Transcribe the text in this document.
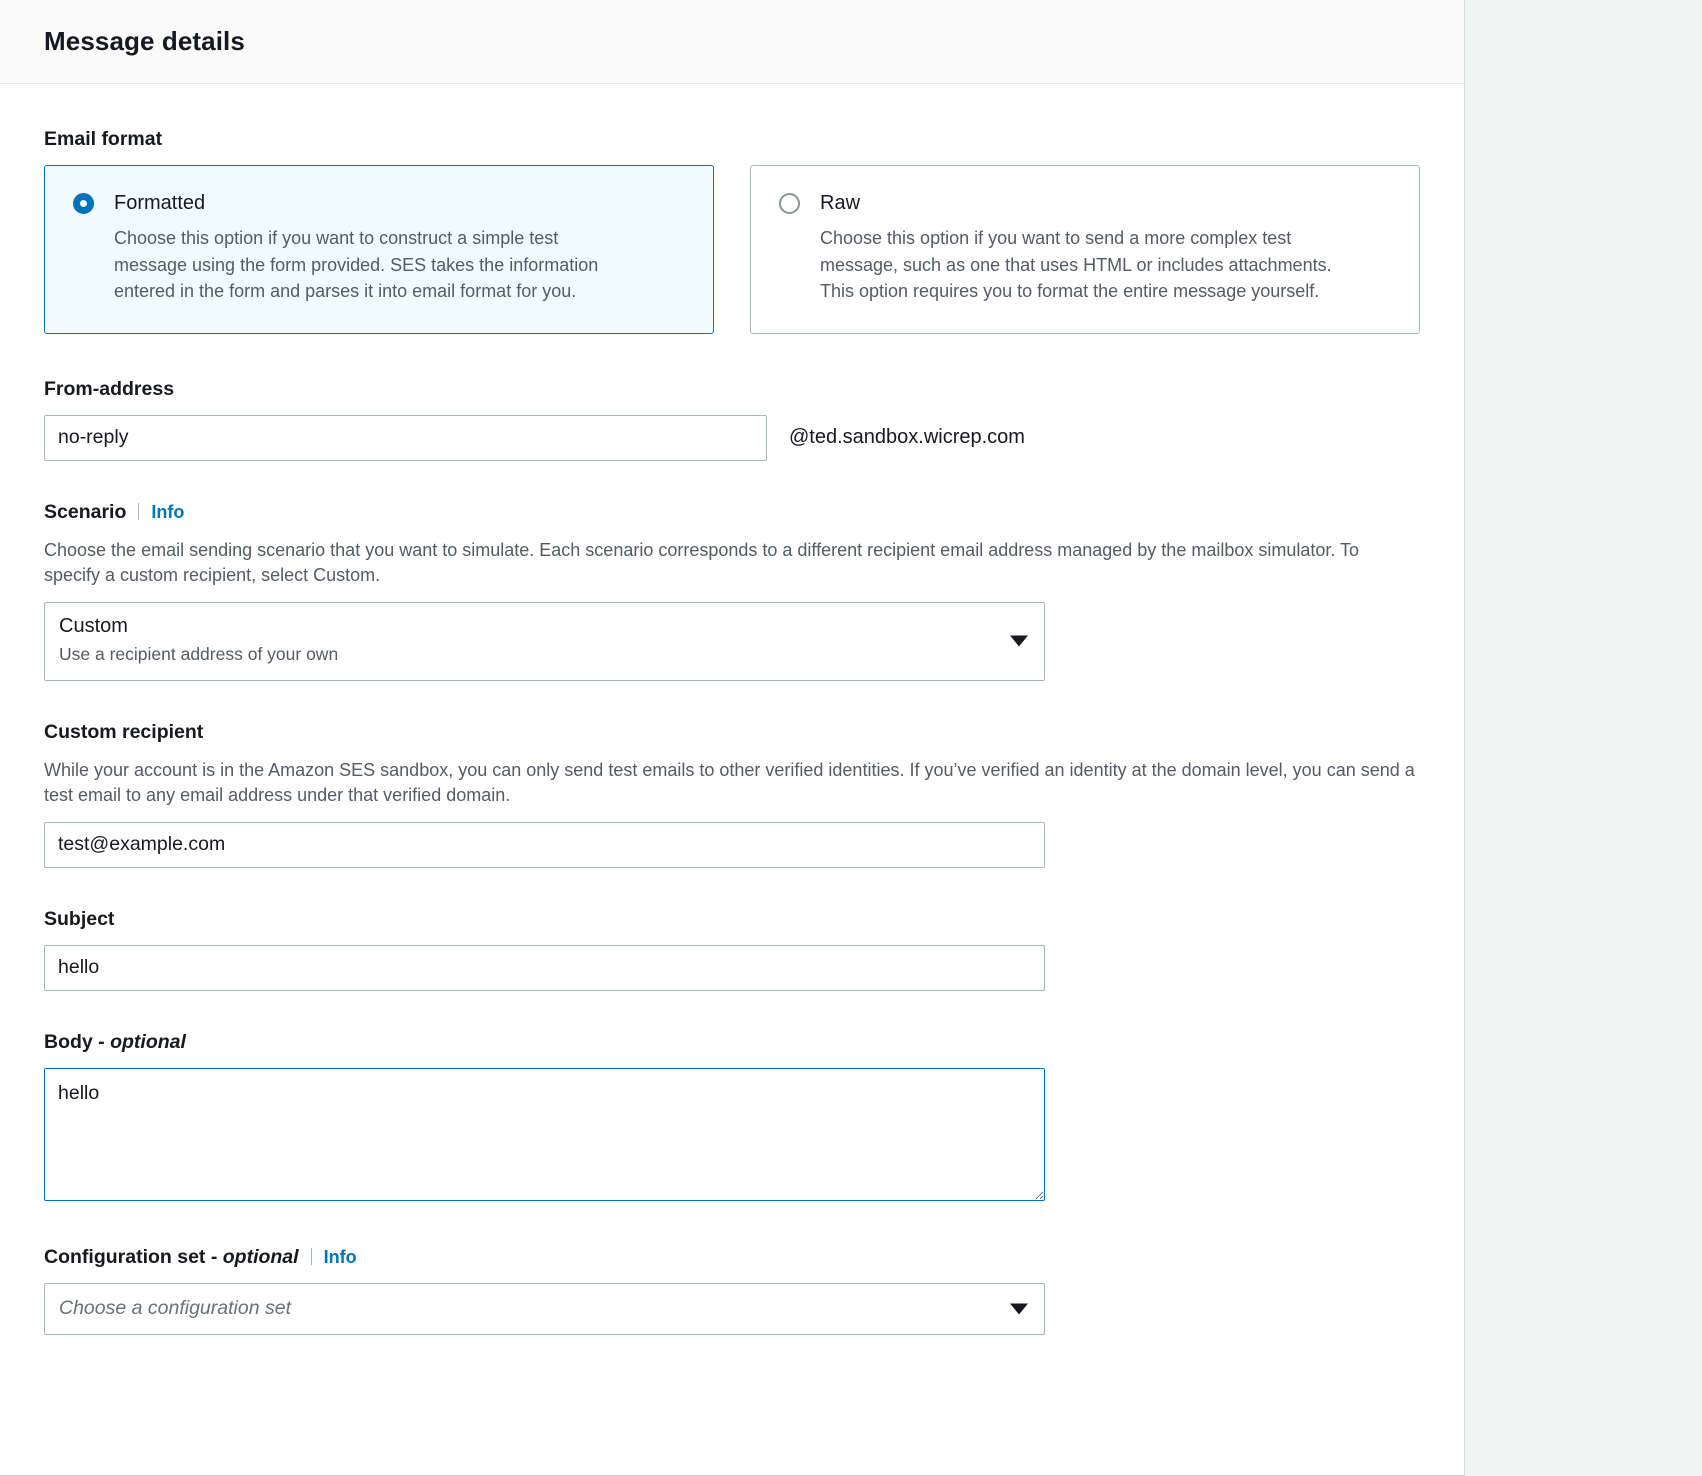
Message details
Email format
Formatted
Choose this option if you want to construct a simple test message using the form provided. SES takes the information entered in the form and parses it into email format for you.
Raw
Choose this option if you want to send a more complex test message, such as one that uses HTML or includes attachments. This option requires you to format the entire message yourself.
From-address
no-reply
@ted.sandbox.wicrep.com
Scenario Info
Choose the email sending scenario that you want to simulate. Each scenario corresponds to a different recipient email address managed by the mailbox simulator. To specify a custom recipient, select Custom.
Custom
Use a recipient address of your own
Custom recipient
While your account is in the Amazon SES sandbox, you can only send test emails to other verified identities. If you’ve verified an identity at the domain level, you can send a test email to any email address under that verified domain.
test@example.com
Subject
hello
Body - optional
hello
Configuration set - optional Info
Choose a configuration set
